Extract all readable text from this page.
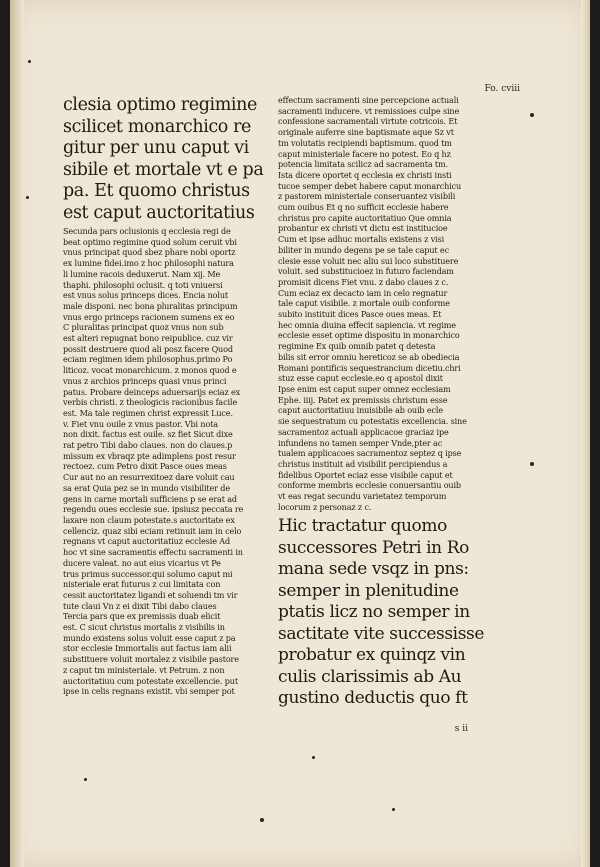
Fo. cviii
clesia optimo regimine
scilicet monarchico re
gitur per unu caput vi
sibile et mortale vt e pa
pa. Et quomo christus
est caput auctoritatius
Secunda pars oclusionis q ecclesia regi de
beat optimo regimine quod solum ceruit vbi
vnus principat quod sbez phare nobi oportz
ex lumine fidei.imo z hoc philosophi natura
li lumine racois deduxerut. Nam xij. Me
thaphi. philosophi oclusit. q toti vniuersi
est vnus solus princeps dices. Encia nolut
male disponi. nec bona pluralitas principum
vnus ergo princeps racionem sumens ex eo
C pluralitas principat quoz vnus non sub
est alteri repugnat bono reipublice. cuz vir
possit destruere quod ali posz facere Quod
eciam regimen idem philosophus.primo Po
liticoz. vocat monarchicum. z monos quod e
vnus z archios princeps quasi vnus princi
patus. Probare deinceps aduersarijs eciaz ex
verbis christi. z theologicis racionibus facile
est. Ma tale regimen christ expressit Luce.
v. Fiet vnu ouile z vnus pastor. Vbi nota
non dixit. factus est ouile. sz fiet Sicut dixe
rat petro Tibi dabo claues. non do claues.p
missum ex vbraqz pte adimplens post resur
rectoez. cum Petro dixit Pasce oues meas
Cur aut no an resurrexitoez dare voluit cau
sa erat Quia pez se in mundo visibiliter de
gens in carne mortali sufficiens p se erat ad
regendu oues ecclesie sue. ipsiusz peccata re
laxare non claum potestate.s auctoritate ex
cellenciz. quaz sibi eciam retinuit iam in celo
regnans vt caput auctoritatiuz ecclesie Ad
hoc vt sine sacramentis effectu sacramenti in
ducere valeat. no aut eius vicarius vt Pe
trus primus successor.qui solumo caput mi
nisteriale erat futurus z cui limitata con
cessit auctoritatez ligandi et soluendi tm vir
tute claui Vn z ei dixit Tibi dabo claues
Tercia pars que ex premissis duab elicit
est. C sicut christus mortalis z visibilis in
mundo existens solus voluit esse caput z pa
stor ecclesie Immortalis aut factus iam alii
substituere voluit mortalez z visibile pastore
z caput tm ministeriale. vt Petrum. z non
auctoritatiuu cum potestate excellencie. put
ipse in celis regnans existit. vbi semper pot
effectum sacramenti sine percepcione actuali
sacramenti inducere. vt remissioes culpe sine
confessione sacramentali virtute cotricois. Et
originale auferre sine baptismate aque Sz vt
tm volutatis recipiendi baptismum. quod tm
caput ministeriale facere no potest. Eo q hz
potencia limitata scilicz ad sacramenta tm.
Ista dicere oportet q ecclesia ex christi insti
tucoe semper debet habere caput monarchicu
z pastorem ministeriale conseruantez visibili
cum ouibus Et q no sufficit ecclesie habere
christus pro capite auctoritatiuo Que omnia
probantur ex christi vt dictu est institucioe
Cum et ipse adhuc mortalis existens z visi
biliter in mundo degens pe se tale caput ec
clesie esse voluit nec aliu sui loco substituere
voluit. sed substitucioez in futuro faciendam
promisit dicens Fiet vnu. z dabo claues z c.
Cum eciaz ex decacto iam in celo regnatur
tale caput visibile. z mortale ouib conforme
subito instituit dices Pasce oues meas. Et
hec omnia diuina effecit sapiencia. vt regime
ecclesie esset optime dispositu in monarchico
regimine Ex quib omnib patet q detesta
bilis sit error omniu hereticoz se ab obediecia
Romani pontificis sequestrancium dicetiu.chri
stuz esse caput ecclesie.eo q apostol dixit
Ipse enim est caput super omnez ecclesiam
Ephe. iiij. Patet ex premissis christum esse
caput auctoritatiuu inuisibile ab ouib ecle
sie sequestratum cu potestatis excellencia. sine
sacramentoz actuali applicacoe graciaz ipe
infundens no tamen semper Vnde,pter ac
tualem applicacoes sacramentoz septez q ipse
christus instituit ad visibilit percipiendus a
fidelibus Oportet eciaz esse visibile caput et
conforme membris ecclesie conuersantiu ouib
vt eas regat secundu varietatez temporum
locorum z personaz z c.
Hic tractatur quomo
successores Petri in Ro
mana sede vsqz in pns:
semper in plenitudine
ptatis licz no semper in
sactitate vite successisse
probatur ex quinqz vin
culis clarissimis ab Au
gustino deductis quo ft
s ii
